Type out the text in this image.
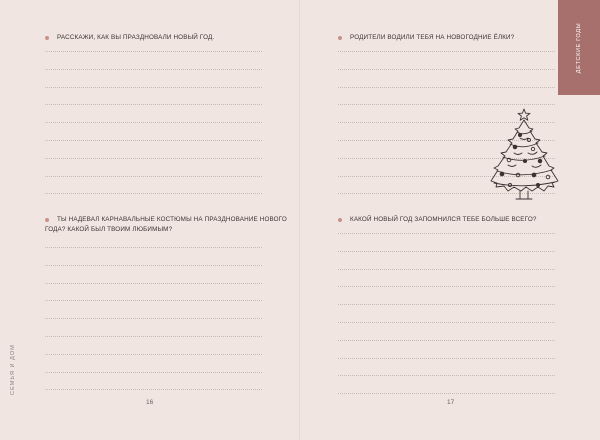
РАССКАЖИ, КАК ВЫ ПРАЗДНОВАЛИ НОВЫЙ ГОД.
ТЫ НАДЕВАЛ КАРНАВАЛЬНЫЕ КОСТЮМЫ НА ПРАЗДНОВАНИЕ НОВОГО
ГОДА? КАКОЙ БЫЛ ТВОИМ ЛЮБИМЫМ?
16
СЕМЬЯ И ДОМ
РОДИТЕЛИ ВОДИЛИ ТЕБЯ НА НОВОГОДНИЕ ЁЛКИ?
КАКОЙ НОВЫЙ ГОД ЗАПОМНИЛСЯ ТЕБЕ БОЛЬШЕ ВСЕГО?
17
ДЕТСКИЕ ГОДЫ
